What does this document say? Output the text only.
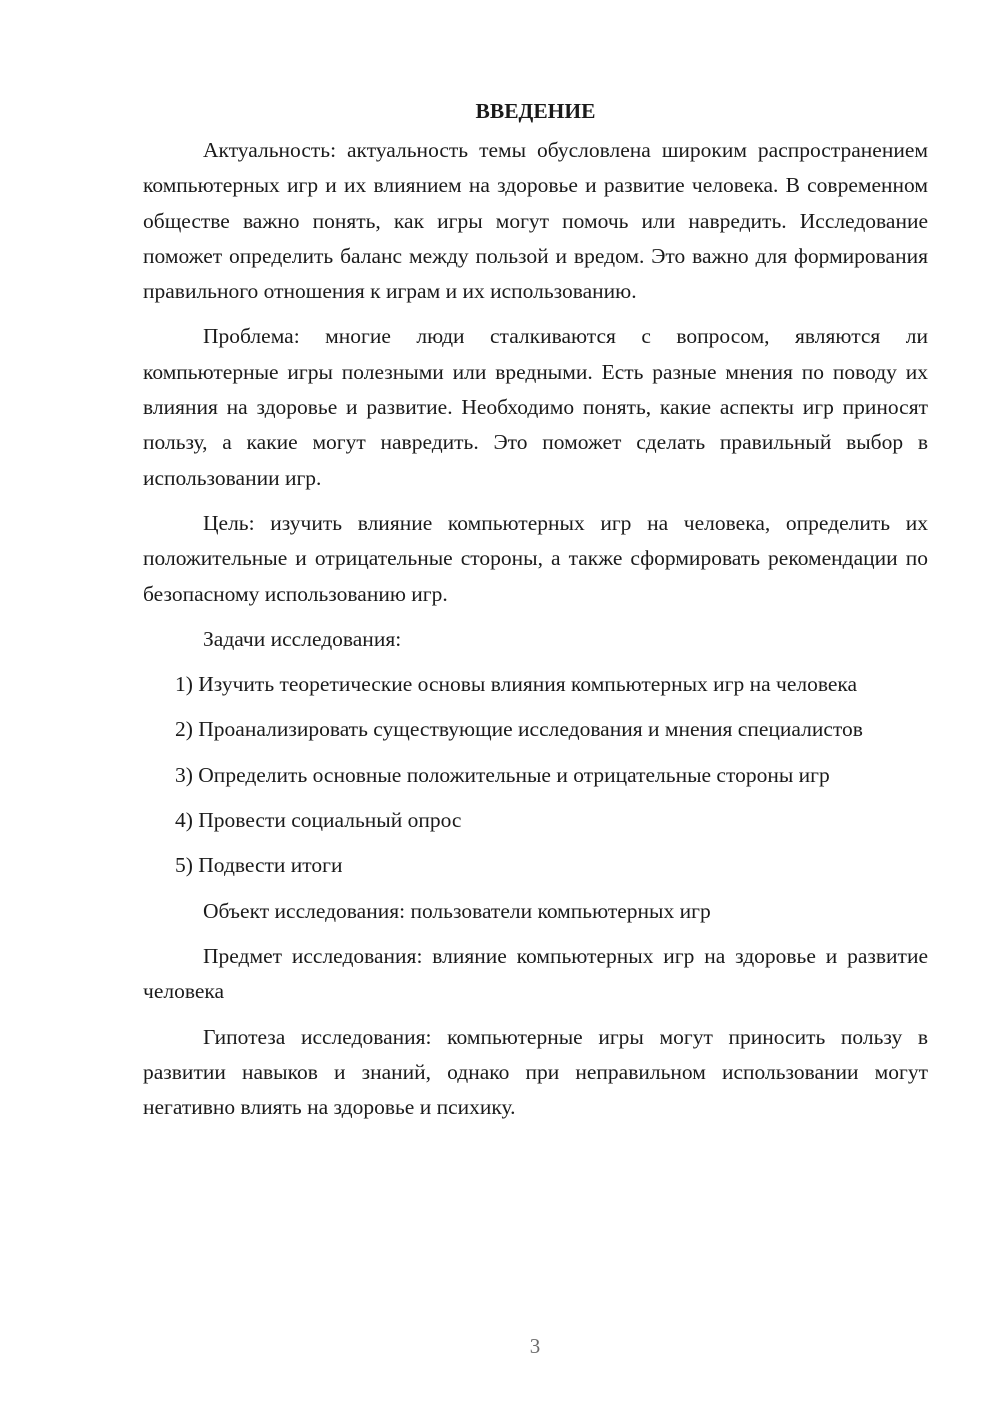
ВВЕДЕНИЕ

Актуальность: актуальность темы обусловлена широким распространением компьютерных игр и их влиянием на здоровье и развитие человека. В современном обществе важно понять, как игры могут помочь или навредить. Исследование поможет определить баланс между пользой и вредом. Это важно для формирования правильного отношения к играм и их использованию.

Проблема: многие люди сталкиваются с вопросом, являются ли компьютерные игры полезными или вредными. Есть разные мнения по поводу их влияния на здоровье и развитие. Необходимо понять, какие аспекты игр приносят пользу, а какие могут навредить. Это поможет сделать правильный выбор в использовании игр.

Цель: изучить влияние компьютерных игр на человека, определить их положительные и отрицательные стороны, а также сформировать рекомендации по безопасному использованию игр.

Задачи исследования:

1) Изучить теоретические основы влияния компьютерных игр на человека

2) Проанализировать существующие исследования и мнения специалистов

3) Определить основные положительные и отрицательные стороны игр

4) Провести социальный опрос

5) Подвести итоги

Объект исследования: пользователи компьютерных игр

Предмет исследования: влияние компьютерных игр на здоровье и развитие человека

Гипотеза исследования: компьютерные игры могут приносить пользу в развитии навыков и знаний, однако при неправильном использовании могут негативно влиять на здоровье и психику.

3
